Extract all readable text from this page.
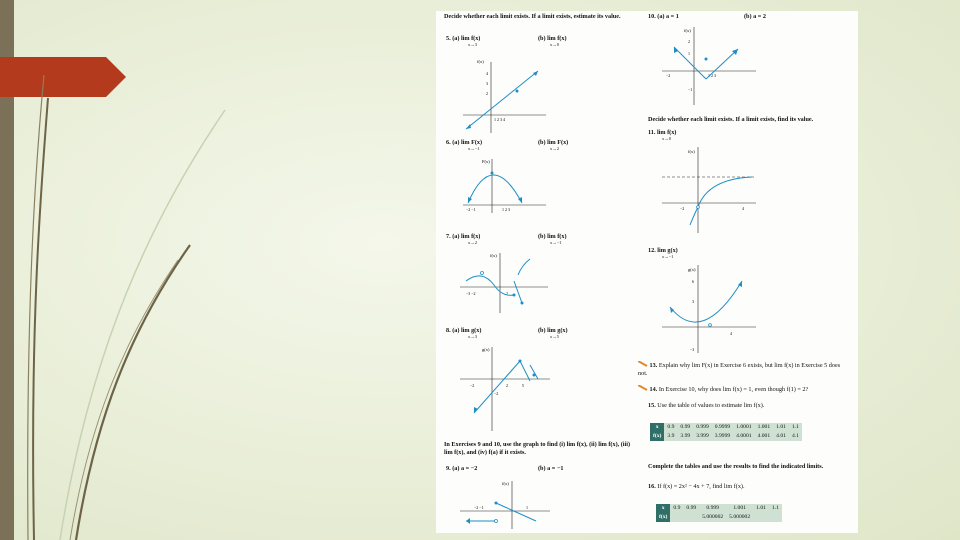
Decide whether each limit exists. If a limit exists, estimate its value.
5. (a) lim f(x)
x→3
(b) lim f(x)
x→0
f(x)
4
3
2
1 2 3 4
6. (a) lim F(x)
x→−1
(b) lim F(x)
x→2
F(x)
−2 −1	1 2 3
7. (a) lim f(x)
x→2
(b) lim f(x)
x→−1
f(x)
−3 −2	2
8. (a) lim g(x)
x→3
(b) lim g(x)
x→5
g(x)
−2	2	5
−2
In Exercises 9 and 10, use the graph to find (i) lim f(x), (ii) lim f(x), (iii) lim f(x), and (iv) f(a) if it exists.
9. (a) a = −2	(b) a = −1
f(x)
−2 −1	1
10. (a) a = 1	(b) a = 2
f(x)
2
1
−2	1 2 3
−1
Decide whether each limit exists. If a limit exists, find its value.
11. lim f(x)
x→0
f(x)
−2	4
12. lim g(x)
x→−1
g(x)
6
3
4
−3
13. Explain why lim F(x) in Exercise 6 exists, but lim f(x) in Exercise 5 does not.
14. In Exercise 10, why does lim f(x) = 1, even though f(1) = 2?
15. Use the table of values to estimate lim f(x).
x	0.9	0.99	0.999	0.9999	1.0001	1.001	1.01	1.1
f(x)	3.9	3.99	3.999	3.9999	4.0001	4.001	4.01	4.1
Complete the tables and use the results to find the indicated limits.
16. If f(x) = 2x² − 4x + 7, find lim f(x).
x	0.9	0.99	0.999	1.001	1.01	1.1
f(x)			5.000002	5.000002		
